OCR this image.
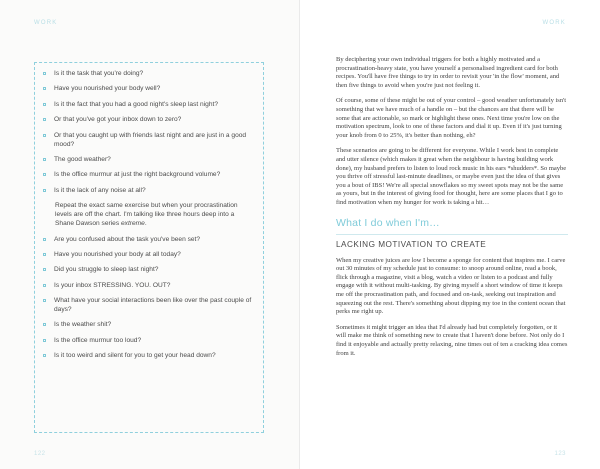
WORK
Is it the task that you're doing?
Have you nourished your body well?
Is it the fact that you had a good night's sleep last night?
Or that you've got your inbox down to zero?
Or that you caught up with friends last night and are just in a good mood?
The good weather?
Is the office murmur at just the right background volume?
Is it the lack of any noise at all?
Repeat the exact same exercise but when your procrastination levels are off the chart. I'm talking like three hours deep into a Shane Dawson series extreme.
Are you confused about the task you've been set?
Have you nourished your body at all today?
Did you struggle to sleep last night?
Is your inbox STRESSING. YOU. OUT?
What have your social interactions been like over the past couple of days?
Is the weather shit?
Is the office murmur too loud?
Is it too weird and silent for you to get your head down?
122
WORK

By deciphering your own individual triggers for both a highly motivated and a procrastination-heavy state, you have yourself a personalised ingredient card for both recipes. You'll have five things to try in order to revisit your 'in the flow' moment, and then five things to avoid when you're just not feeling it.

Of course, some of these might be out of your control – good weather unfortunately isn't something that we have much of a handle on – but the chances are that there will be some that are actionable, so mark or highlight these ones. Next time you're low on the motivation spectrum, look to one of these factors and dial it up. Even if it's just turning your knob from 0 to 25%, it's better than nothing, eh?

These scenarios are going to be different for everyone. While I work best in complete and utter silence (which makes it great when the neighbour is having building work done), my husband prefers to listen to loud rock music in his ears *shudders*. So maybe you thrive off stressful last-minute deadlines, or maybe even just the idea of that gives you a bout of IBS! We're all special snowflakes so my sweet spots may not be the same as yours, but in the interest of giving food for thought, here are some places that I go to find motivation when my hunger for work is taking a hit…

What I do when I'm…
LACKING MOTIVATION TO CREATE

When my creative juices are low I become a sponge for content that inspires me. I carve out 30 minutes of my schedule just to consume: to snoop around online, read a book, flick through a magazine, visit a blog, watch a video or listen to a podcast and fully engage with it without multi-tasking. By giving myself a short window of time it keeps me off the procrastination path, and focused and on-task, seeking out inspiration and squeezing out the rest. There's something about dipping my toe in the content ocean that perks me right up.

Sometimes it might trigger an idea that I'd already had but completely forgotten, or it will make me think of something new to create that I haven't done before. Not only do I find it enjoyable and actually pretty relaxing, nine times out of ten a cracking idea comes from it.

123
